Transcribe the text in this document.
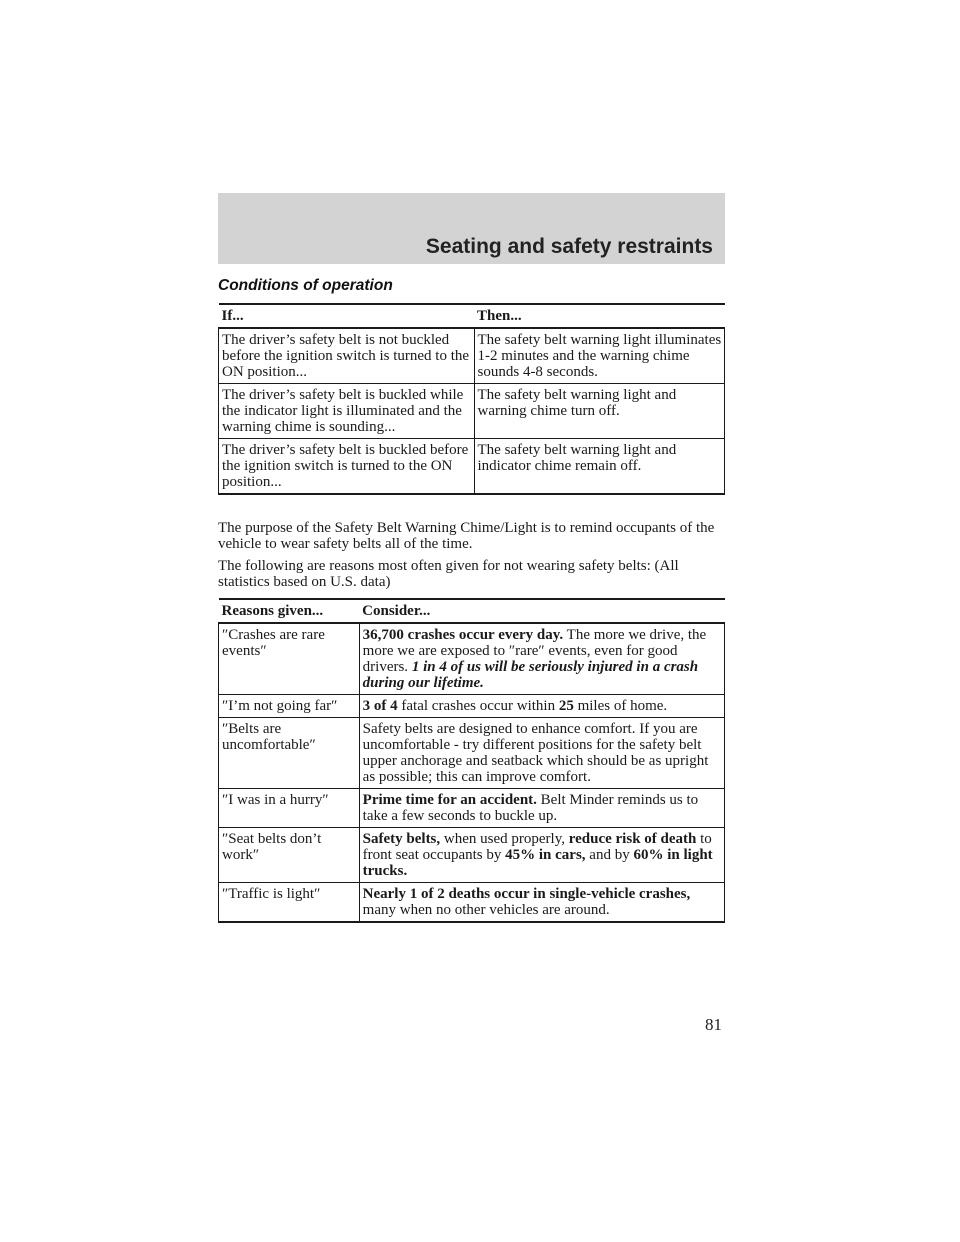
Seating and safety restraints
Conditions of operation
If...	Then...
The driver’s safety belt is not buckled before the ignition switch is turned to the ON position...	The safety belt warning light illuminates 1-2 minutes and the warning chime sounds 4-8 seconds.
The driver’s safety belt is buckled while the indicator light is illuminated and the warning chime is sounding...	The safety belt warning light and warning chime turn off.
The driver’s safety belt is buckled before the ignition switch is turned to the ON position...	The safety belt warning light and indicator chime remain off.

The purpose of the Safety Belt Warning Chime/Light is to remind occupants of the vehicle to wear safety belts all of the time.

The following are reasons most often given for not wearing safety belts: (All statistics based on U.S. data)

Reasons given...	Consider...
″Crashes are rare events″	36,700 crashes occur every day. The more we drive, the more we are exposed to ″rare″ events, even for good drivers. 1 in 4 of us will be seriously injured in a crash during our lifetime.
″I’m not going far″	3 of 4 fatal crashes occur within 25 miles of home.
″Belts are uncomfortable″	Safety belts are designed to enhance comfort. If you are uncomfortable - try different positions for the safety belt upper anchorage and seatback which should be as upright as possible; this can improve comfort.
″I was in a hurry″	Prime time for an accident. Belt Minder reminds us to take a few seconds to buckle up.
″Seat belts don’t work″	Safety belts, when used properly, reduce risk of death to front seat occupants by 45% in cars, and by 60% in light trucks.
″Traffic is light″	Nearly 1 of 2 deaths occur in single-vehicle crashes, many when no other vehicles are around.
81
